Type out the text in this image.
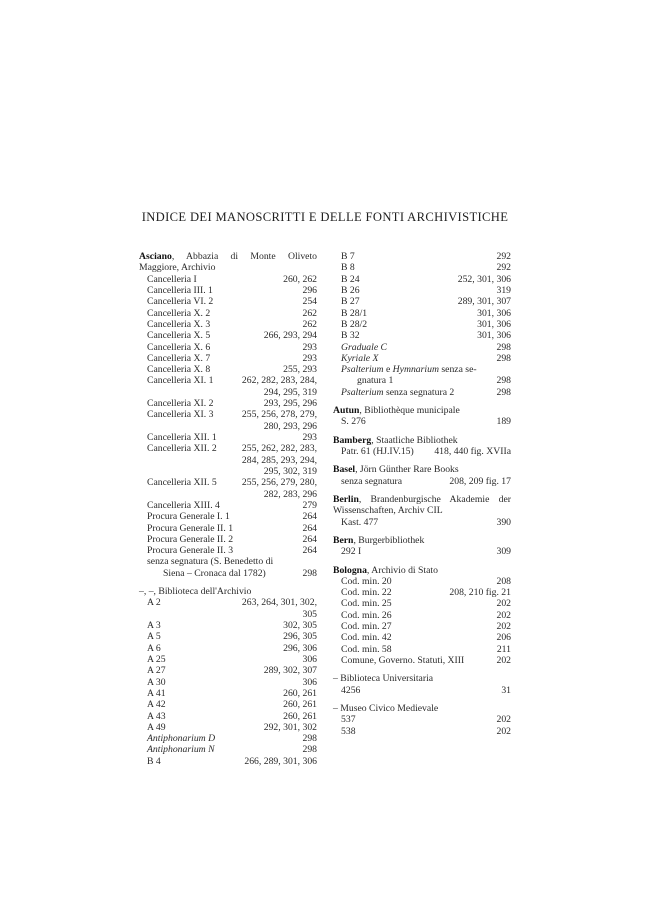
INDICE DEI MANOSCRITTI E DELLE FONTI ARCHIVISTICHE
Asciano, Abbazia di Monte Oliveto Maggiore, Archivio
Cancelleria I	260, 262
Cancelleria III. 1	296
Cancelleria VI. 2	254
Cancelleria X. 2	262
Cancelleria X. 3	262
Cancelleria X. 5	266, 293, 294
Cancelleria X. 6	293
Cancelleria X. 7	293
Cancelleria X. 8	255, 293
Cancelleria XI. 1	262, 282, 283, 284, 294, 295, 319
Cancelleria XI. 2	293, 295, 296
Cancelleria XI. 3	255, 256, 278, 279, 280, 293, 296
Cancelleria XII. 1	293
Cancelleria XII. 2	255, 262, 282, 283, 284, 285, 293, 294, 295, 302, 319
Cancelleria XII. 5	255, 256, 279, 280, 282, 283, 296
Cancelleria XIII. 4	279
Procura Generale I. 1	264
Procura Generale II. 1	264
Procura Generale II. 2	264
Procura Generale II. 3	264
senza segnatura (S. Benedetto di
Siena – Cronaca dal 1782)	298
–, –, Biblioteca dell'Archivio
A 2	263, 264, 301, 302, 305
A 3	302, 305
A 5	296, 305
A 6	296, 306
A 25	306
A 27	289, 302, 307
A 30	306
A 41	260, 261
A 42	260, 261
A 43	260, 261
A 49	292, 301, 302
Antiphonarium D	298
Antiphonarium N	298
B 4	266, 289, 301, 306
B 7	292
B 8	292
B 24	252, 301, 306
B 26	319
B 27	289, 301, 307
B 28/1	301, 306
B 28/2	301, 306
B 32	301, 306
Graduale C	298
Kyriale X	298
Psalterium e Hymnarium senza se-
gnatura 1	298
Psalterium senza segnatura 2	298
Autun, Bibliothèque municipale
S. 276	189
Bamberg, Staatliche Bibliothek
Patr. 61 (HJ.IV.15)	418, 440 fig. XVIIa
Basel, Jörn Günther Rare Books
senza segnatura	208, 209 fig. 17
Berlin, Brandenburgische Akademie der Wissenschaften, Archiv CIL
Kast. 477	390
Bern, Burgerbibliothek
292 I	309
Bologna, Archivio di Stato
Cod. min. 20	208
Cod. min. 22	208, 210 fig. 21
Cod. min. 25	202
Cod. min. 26	202
Cod. min. 27	202
Cod. min. 42	206
Cod. min. 58	211
Comune, Governo. Statuti, XIII	202
– Biblioteca Universitaria
4256	31
– Museo Civico Medievale
537	202
538	202
